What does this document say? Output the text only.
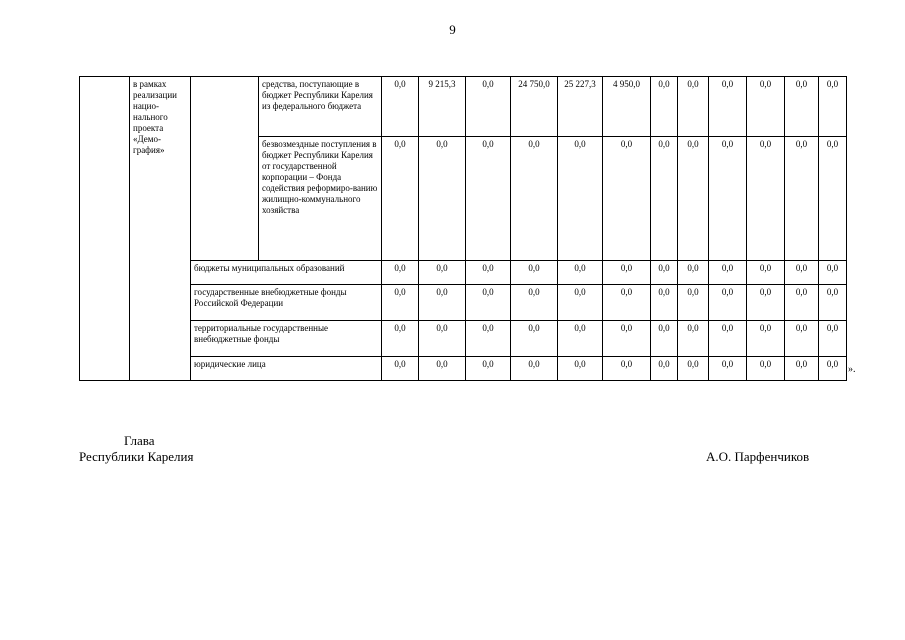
9
	в рамках реализации нацио-нального проекта «Демо-графия»		средства, поступающие в бюджет Республики Карелия из федерального бюджета	0,0	9 215,3	0,0	24 750,0	25 227,3	4 950,0	0,0	0,0	0,0	0,0	0,0	0,0
			безвозмездные поступления в бюджет Республики Карелия от государственной корпорации – Фонда содействия реформиро-ванию жилищно-коммунального хозяйства	0,0	0,0	0,0	0,0	0,0	0,0	0,0	0,0	0,0	0,0	0,0	0,0
		бюджеты муниципальных образований		0,0	0,0	0,0	0,0	0,0	0,0	0,0	0,0	0,0	0,0	0,0	0,0
		государственные внебюджетные фонды Российской Федерации		0,0	0,0	0,0	0,0	0,0	0,0	0,0	0,0	0,0	0,0	0,0	0,0
		территориальные государственные внебюджетные фонды		0,0	0,0	0,0	0,0	0,0	0,0	0,0	0,0	0,0	0,0	0,0	0,0
		юридические лица		0,0	0,0	0,0	0,0	0,0	0,0	0,0	0,0	0,0	0,0	0,0	0,0 ».
Глава
Республики Карелия	А.О. Парфенчиков
